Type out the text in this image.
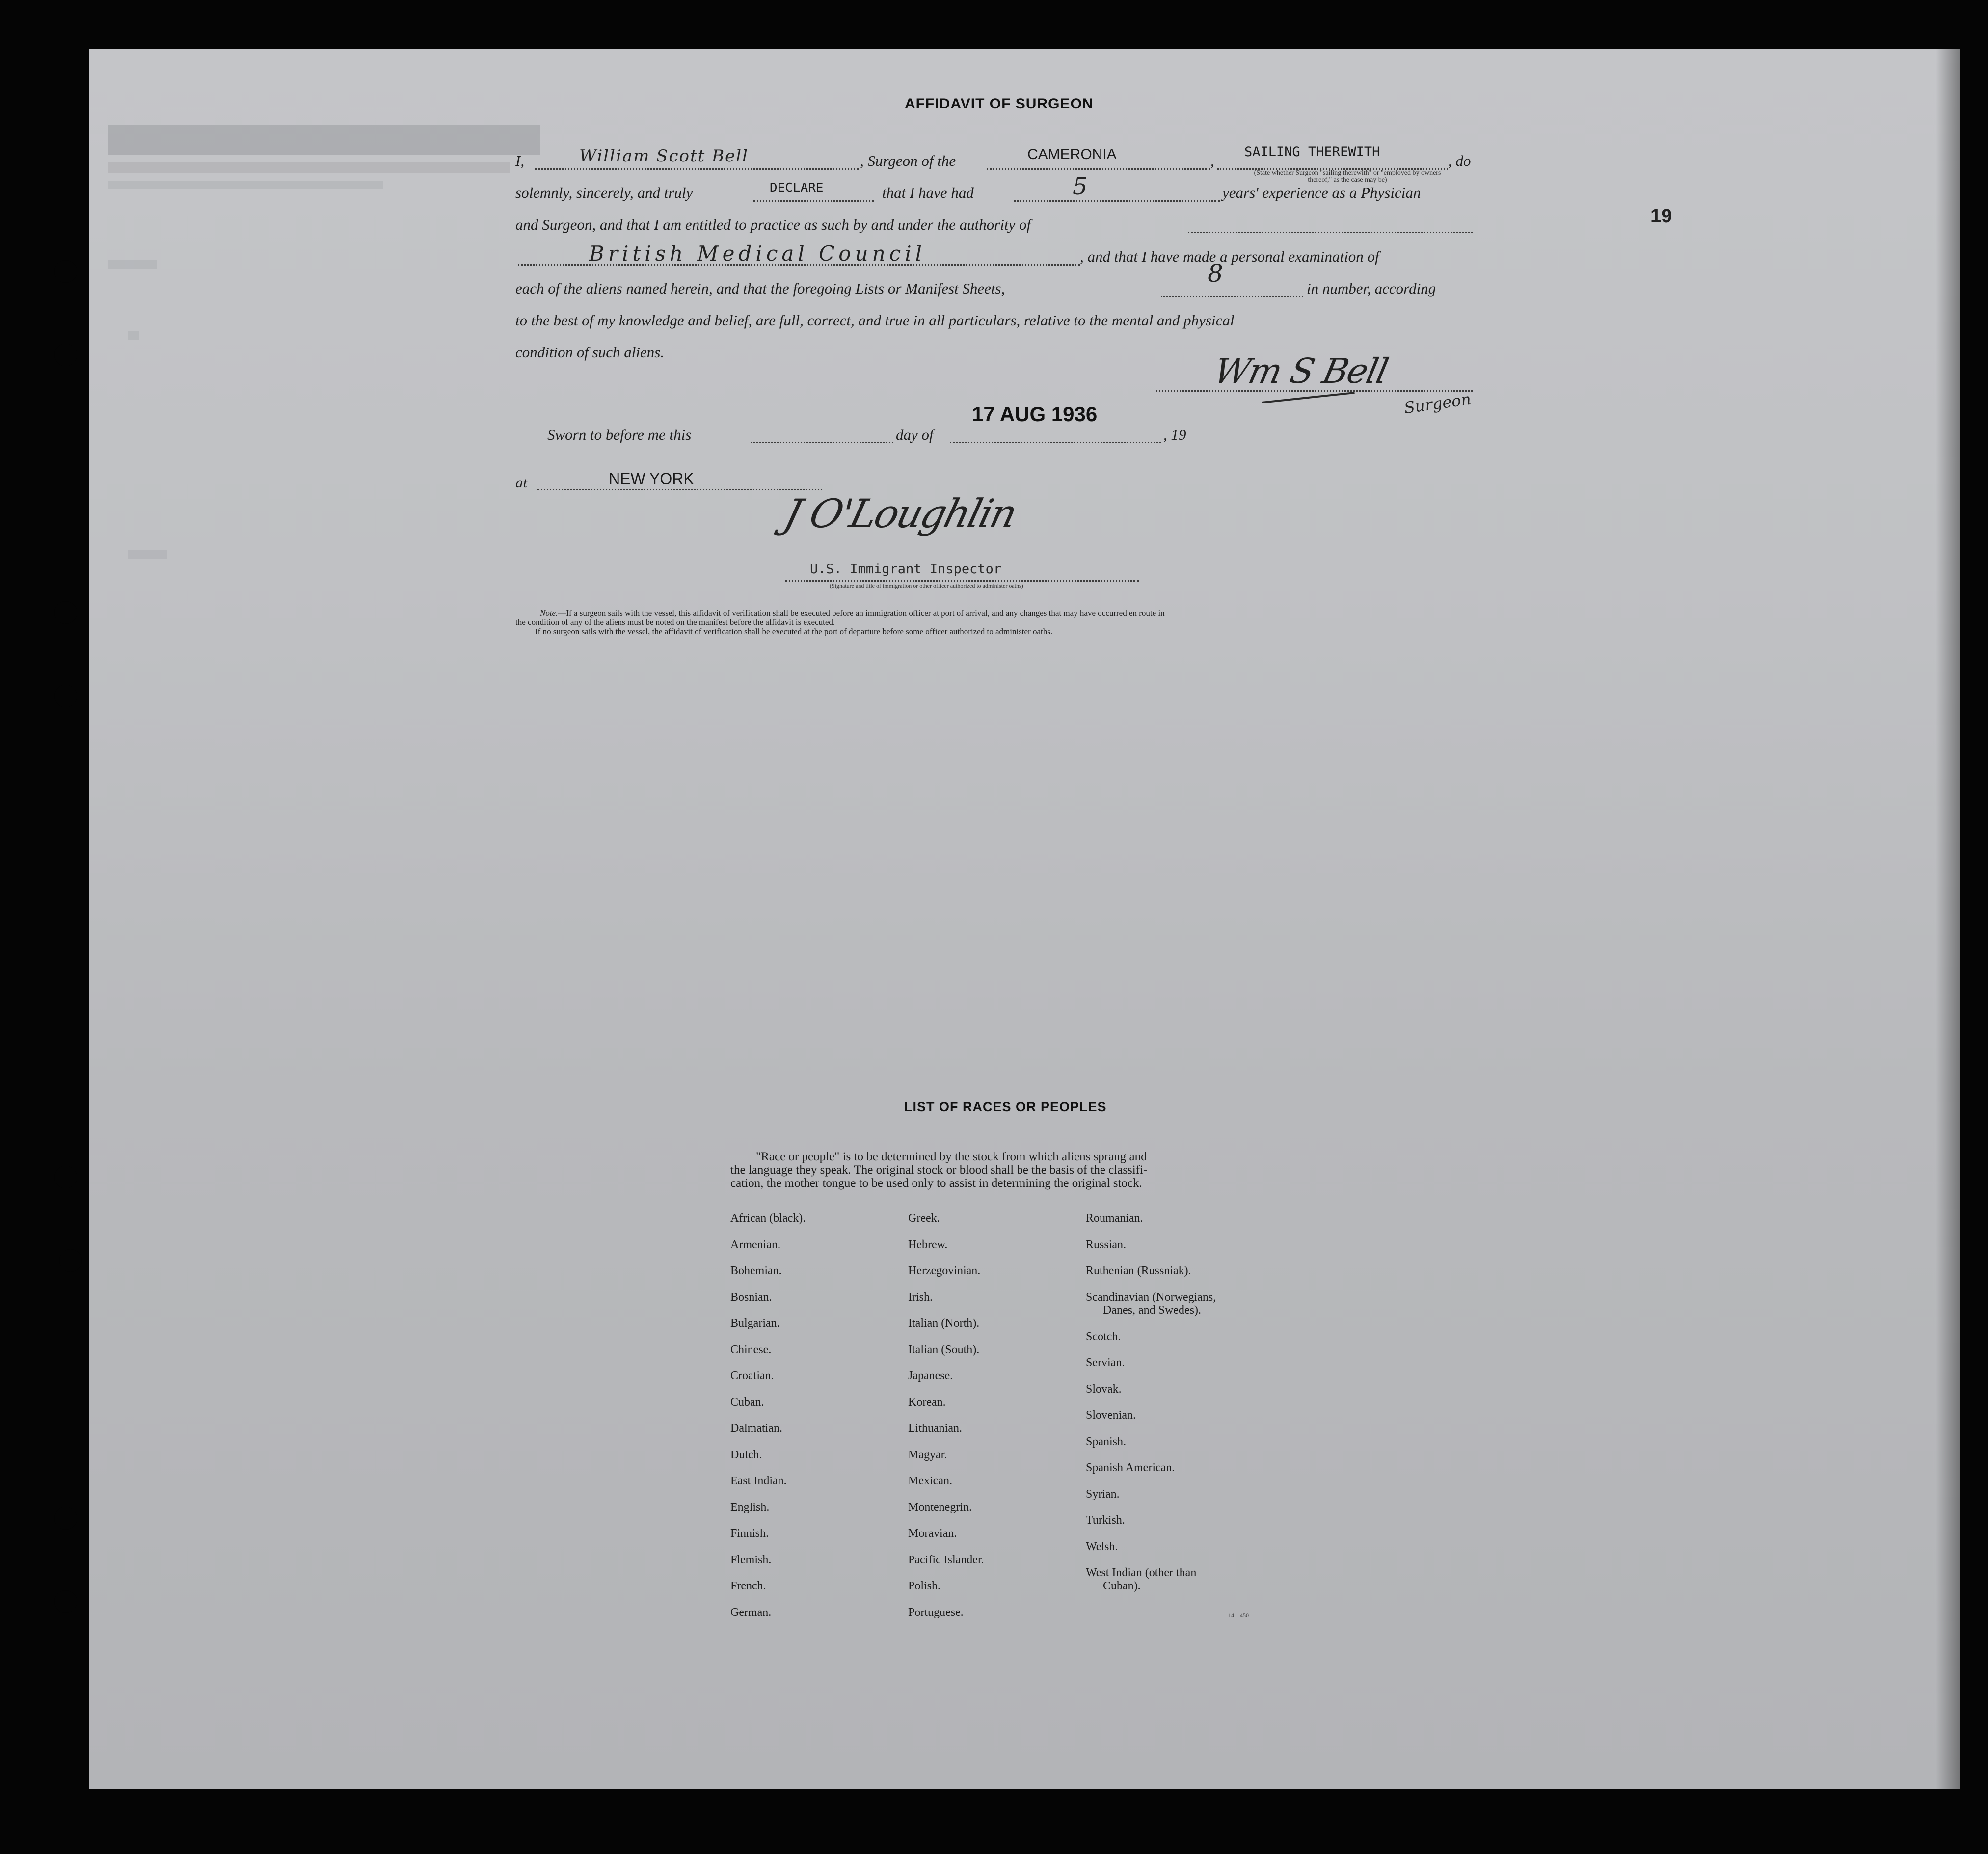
19
AFFIDAVIT OF SURGEON
I,	William Scott Bell	, Surgeon of the	CAMERONIA	,
SAILING THEREWITH
(State whether Surgeon "sailing therewith" or "employed by owners thereof," as the case may be)
, do
solemnly, sincerely, and truly	DECLARE	that I have had	5	years' experience as a Physician
and Surgeon, and that I am entitled to practice as such by and under the authority of
British Medical Council	, and that I have made a personal examination of
each of the aliens named herein, and that the foregoing Lists or Manifest Sheets,
8
in number, according
to the best of my knowledge and belief, are full, correct, and true in all particulars, relative to the mental and physical
condition of such aliens.	Wm S Bell
Surgeon
Sworn to before me this	day of
17 AUG 1936
, 19
at	NEW YORK
J O'Loughlin
U.S. Immigrant Inspector
(Signature and title of immigration or other officer authorized to administer oaths)
Note.—If a surgeon sails with the vessel, this affidavit of verification shall be executed before an immigration officer at port of arrival, and any changes that may have occurred en route in
the condition of any of the aliens must be noted on the manifest before the affidavit is executed.
If no surgeon sails with the vessel, the affidavit of verification shall be executed at the port of departure before some officer authorized to administer oaths.
LIST OF RACES OR PEOPLES
"Race or people" is to be determined by the stock from which aliens sprang and
the language they speak. The original stock or blood shall be the basis of the classifi-
cation, the mother tongue to be used only to assist in determining the original stock.
African (black).
Armenian.
Bohemian.
Bosnian.
Bulgarian.
Chinese.
Croatian.
Cuban.
Dalmatian.
Dutch.
East Indian.
English.
Finnish.
Flemish.
French.
German.
Greek.
Hebrew.
Herzegovinian.
Irish.
Italian (North).
Italian (South).
Japanese.
Korean.
Lithuanian.
Magyar.
Mexican.
Montenegrin.
Moravian.
Pacific Islander.
Polish.
Portuguese.
Roumanian.
Russian.
Ruthenian (Russniak).
Scandinavian (Norwegians,
Danes, and Swedes).
Scotch.
Servian.
Slovak.
Slovenian.
Spanish.
Spanish American.
Syrian.
Turkish.
Welsh.
West Indian (other than
Cuban).
14—450
